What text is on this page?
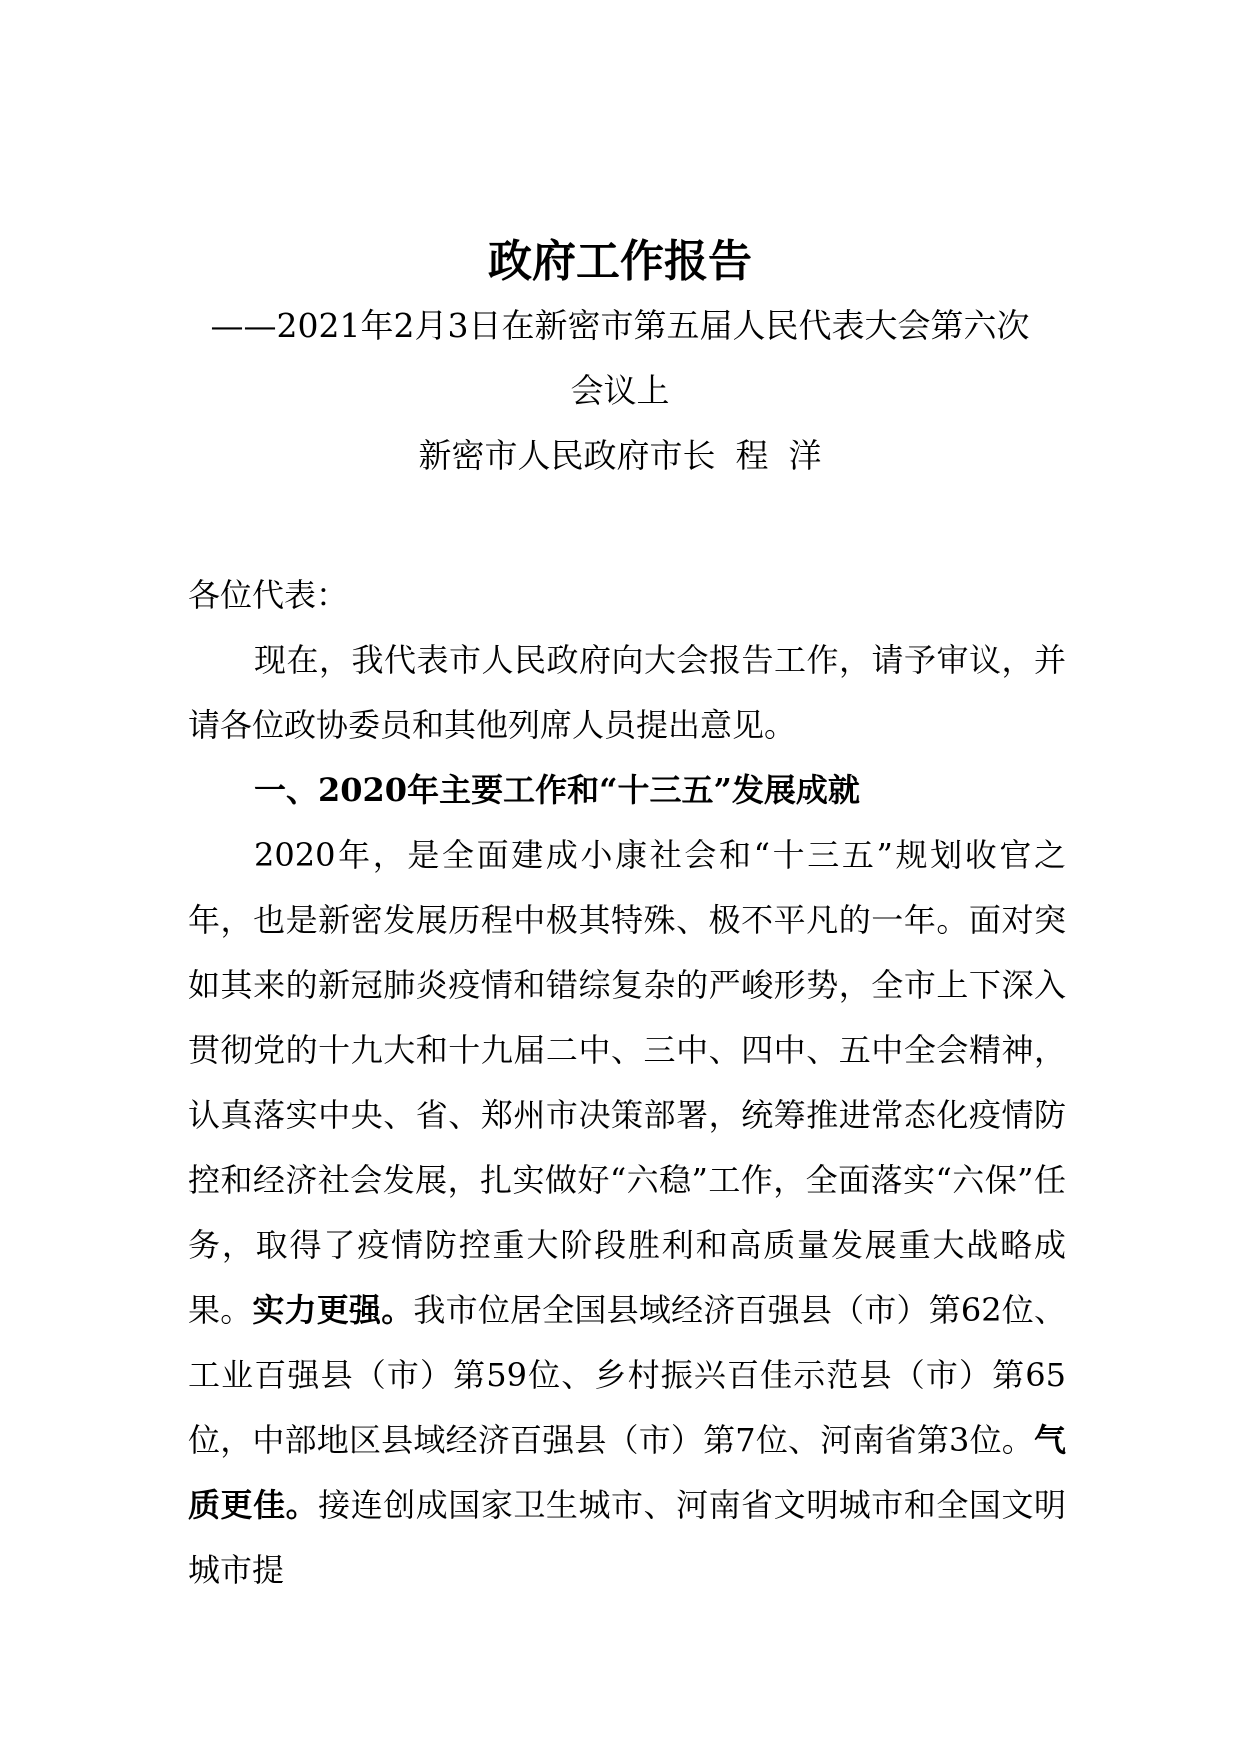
政府工作报告
——2021年2月3日在新密市第五届人民代表大会第六次
会议上
新密市人民政府市长 程 洋

各位代表：

现在，我代表市人民政府向大会报告工作，请予审议，并请各位政协委员和其他列席人员提出意见。

一、2020年主要工作和“十三五”发展成就

2020年，是全面建成小康社会和“十三五”规划收官之年，也是新密发展历程中极其特殊、极不平凡的一年。面对突如其来的新冠肺炎疫情和错综复杂的严峻形势，全市上下深入贯彻党的十九大和十九届二中、三中、四中、五中全会精神，认真落实中央、省、郑州市决策部署，统筹推进常态化疫情防控和经济社会发展，扎实做好“六稳”工作，全面落实“六保”任务，取得了疫情防控重大阶段胜利和高质量发展重大战略成果。实力更强。我市位居全国县域经济百强县（市）第62位、工业百强县（市）第59位、乡村振兴百佳示范县（市）第65位，中部地区县域经济百强县（市）第7位、河南省第3位。气质更佳。接连创成国家卫生城市、河南省文明城市和全国文明城市提
